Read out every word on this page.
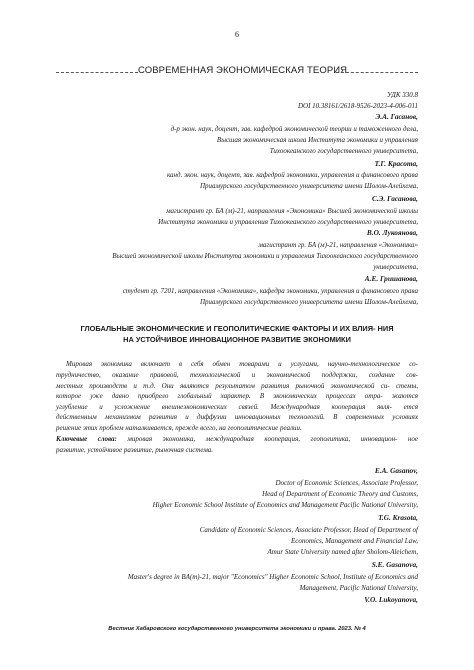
6
СОВРЕМЕННАЯ ЭКОНОМИЧЕСКАЯ ТЕОРИЯ
УДК 330.8
DOI 10.38161/2618-9526-2023-4-006-011
Э.А. Гасанов,
д-р экон. наук, доцент, зав. кафедрой экономической теории и таможенного дела,
Высшая экономическая школа Института экономики и управления
Тихоокеанского государственного университета,
Т.Г. Красота,
канд. экон. наук, доцент, зав. кафедрой экономики, управления и финансового права
Приамурского государственного университета имени Шолом-Алейхема,
С.Э. Гасанова,
магистрант гр. БА (м)-21, направления «Экономика» Высшей экономической школы
Института экономики и управления Тихоокеанского государственного университета,
В.О. Лукоянова,
магистрант гр. БА (м)-21, направления «Экономика»
Высшей экономической школы Института экономики и управления Тихоокеанского государственного
университета,
А.Е. Гришанова,
студент гр. 7201, направления «Экономика», кафедра экономики, управления и финансового права
Приамурского государственного университета имени Шолом-Алейхема,
ГЛОБАЛЬНЫЕ ЭКОНОМИЧЕСКИЕ И ГЕОПОЛИТИЧЕСКИЕ ФАКТОРЫ И ИХ ВЛИЯ- НИЯ
НА УСТОЙЧИВОЕ ИННОВАЦИОННОЕ РАЗВИТИЕ ЭКОНОМИКИ
Мировая экономика включает в себя обмен товарами и услугами, научно-технологическое со-
трудничество, оказание правовой, технологической и экономической поддержки, создание сов-
местных производств и т.д. Они являются результатом развития рыночной экономической си- стемы,
которое уже давно приобрело глобальный характер. В экономических процессах отра- жаются
углубление и усложнение внешнеэкономических связей. Международная кооперация явля- ется
действенным механизмом развития и диффузии инновационных технологий. В современных условиях
решение этих проблем наталкивается, прежде всего, на геополитические реалии.
Ключевые слова: мировая экономика, международная кооперация, геополитика, инновацион- ное
развитие, устойчивое развитие, рыночная система.
E.A. Gasanov,
Doctor of Economic Sciences, Associate Professor,
Head of Department of Economic Theory and Customs,
Higher Economic School Institute of Economics and Management Pacific National University,
T.G. Krasota,
Candidate of Economic Sciences, Associate Professor, Head of Department of
Economics, Management and Financial Law,
Amur State University named after Sholom-Aleichem,
S.E. Gasanova,
Master's degree in BA(m)-21, major "Economics" Higher Economic School, Institute of Economics and
Management, Pacific National University,
V.O. Lukoyanova,
Вестник Хабаровского государственного университета экономики и права. 2023. № 4
